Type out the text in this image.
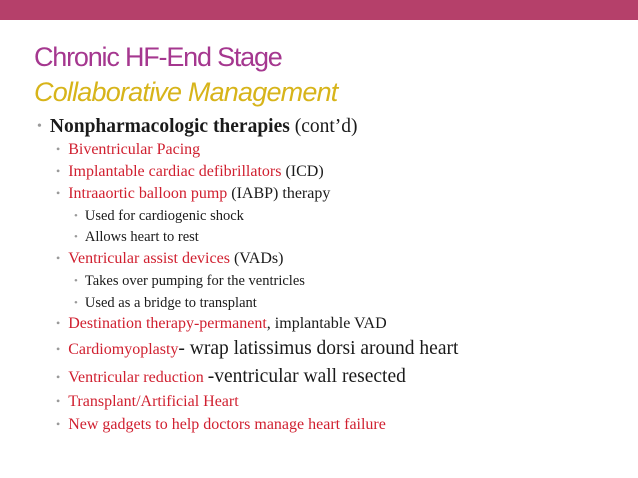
Chronic HF-End Stage
Collaborative Management
• Nonpharmacologic therapies (cont’d)
• Biventricular Pacing
• Implantable cardiac defibrillators (ICD)
• Intraaortic balloon pump (IABP) therapy
• Used for cardiogenic shock
• Allows heart to rest
• Ventricular assist devices (VADs)
• Takes over pumping for the ventricles
• Used as a bridge to transplant
• Destination therapy-permanent, implantable VAD
• Cardiomyoplasty- wrap latissimus dorsi around heart
• Ventricular reduction -ventricular wall resected
• Transplant/Artificial Heart
• New gadgets to help doctors manage heart failure
